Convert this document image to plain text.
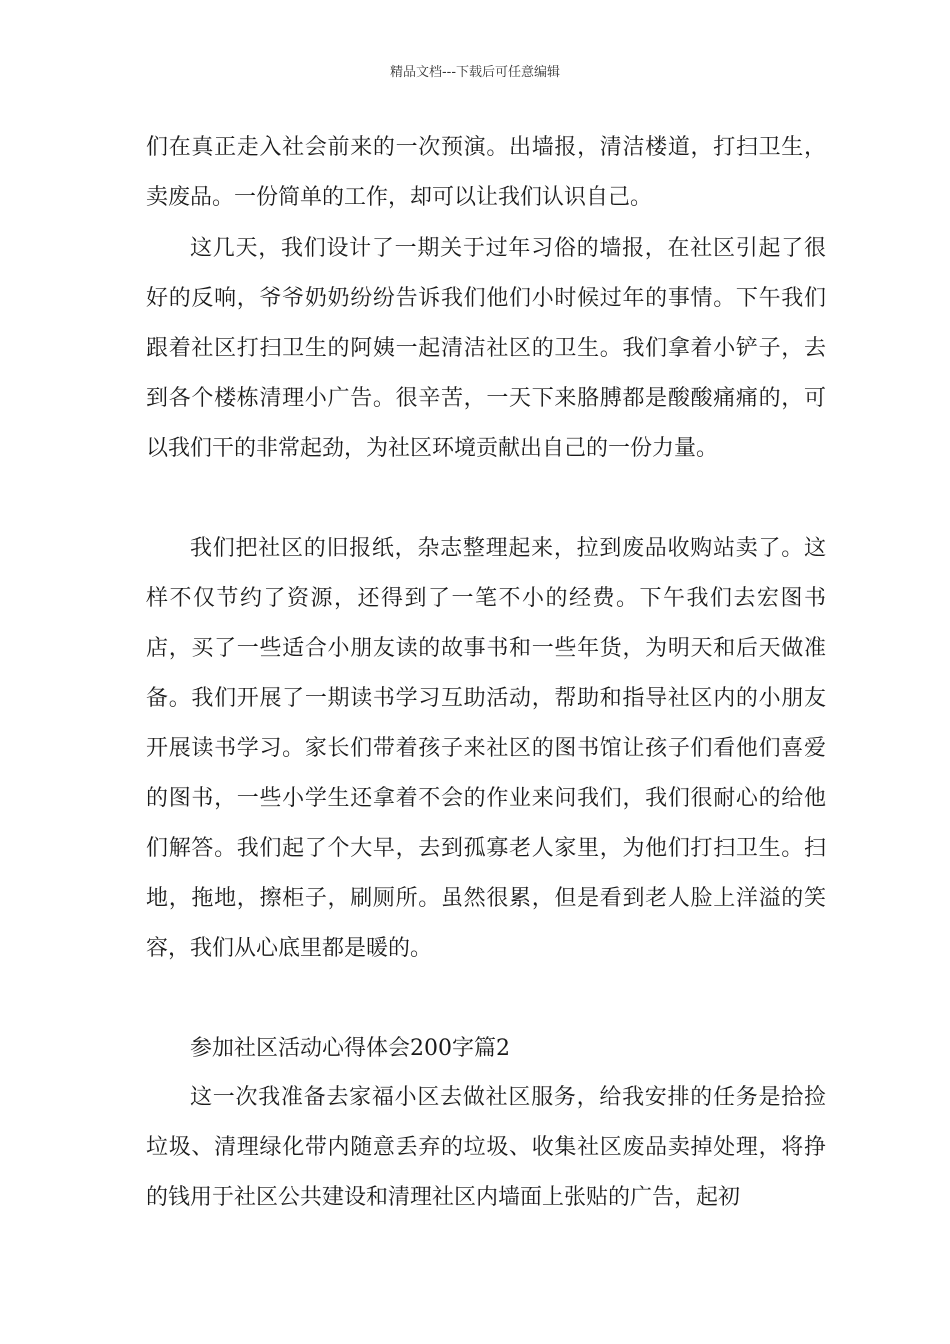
精品文档---下载后可任意编辑
们在真正走入社会前来的一次预演。出墙报，清洁楼道，打扫卫生，卖废品。一份简单的工作，却可以让我们认识自己。
这几天，我们设计了一期关于过年习俗的墙报，在社区引起了很好的反响，爷爷奶奶纷纷告诉我们他们小时候过年的事情。下午我们跟着社区打扫卫生的阿姨一起清洁社区的卫生。我们拿着小铲子，去到各个楼栋清理小广告。很辛苦，一天下来胳膊都是酸酸痛痛的，可以我们干的非常起劲，为社区环境贡献出自己的一份力量。
我们把社区的旧报纸，杂志整理起来，拉到废品收购站卖了。这样不仅节约了资源，还得到了一笔不小的经费。下午我们去宏图书店，买了一些适合小朋友读的故事书和一些年货，为明天和后天做准备。我们开展了一期读书学习互助活动，帮助和指导社区内的小朋友开展读书学习。家长们带着孩子来社区的图书馆让孩子们看他们喜爱的图书，一些小学生还拿着不会的作业来问我们，我们很耐心的给他们解答。我们起了个大早，去到孤寡老人家里，为他们打扫卫生。扫地，拖地，擦柜子，刷厕所。虽然很累，但是看到老人脸上洋溢的笑容，我们从心底里都是暖的。
参加社区活动心得体会200字篇2
这一次我准备去家福小区去做社区服务，给我安排的任务是拾捡垃圾、清理绿化带内随意丢弃的垃圾、收集社区废品卖掉处理，将挣的钱用于社区公共建设和清理社区内墙面上张贴的广告，起初
